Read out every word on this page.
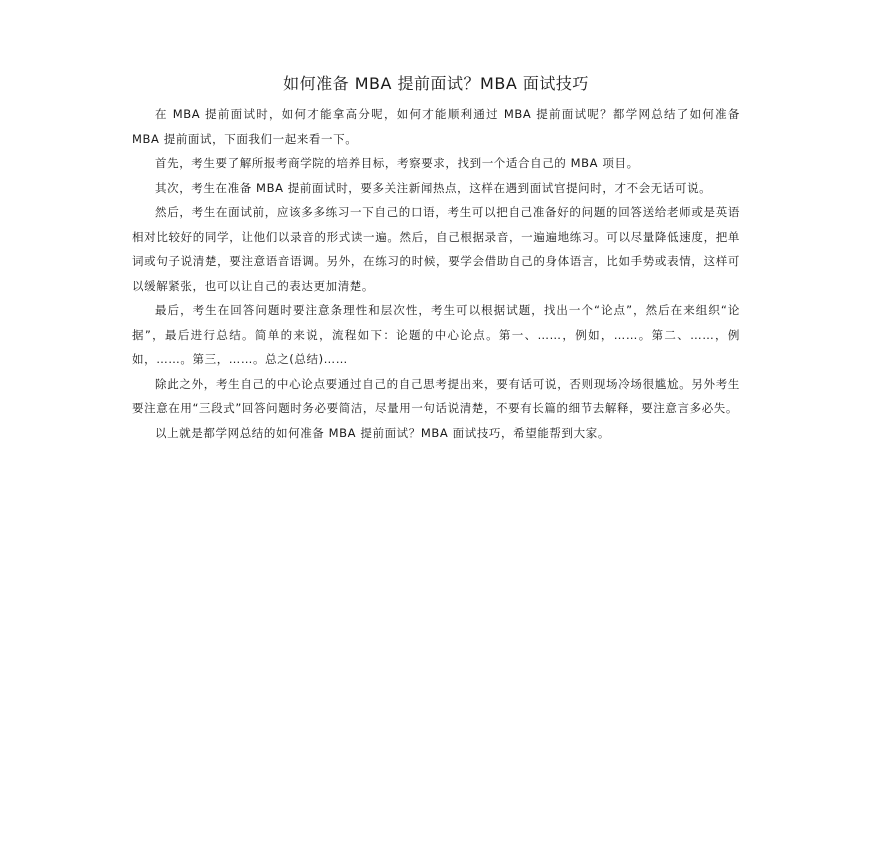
如何准备 MBA 提前面试？MBA 面试技巧

在 MBA 提前面试时，如何才能拿高分呢，如何才能顺利通过 MBA 提前面试呢？都学网总结了如何准备 MBA 提前面试，下面我们一起来看一下。

首先，考生要了解所报考商学院的培养目标，考察要求，找到一个适合自己的 MBA 项目。

其次，考生在准备 MBA 提前面试时，要多关注新闻热点，这样在遇到面试官提问时，才不会无话可说。

然后，考生在面试前，应该多多练习一下自己的口语，考生可以把自己准备好的问题的回答送给老师或是英语相对比较好的同学，让他们以录音的形式读一遍。然后，自己根据录音，一遍遍地练习。可以尽量降低速度，把单词或句子说清楚，要注意语音语调。另外，在练习的时候，要学会借助自己的身体语言，比如手势或表情，这样可以缓解紧张，也可以让自己的表达更加清楚。

最后，考生在回答问题时要注意条理性和层次性，考生可以根据试题，找出一个“论点”，然后在来组织“论据”，最后进行总结。简单的来说，流程如下：论题的中心论点。第一、……，例如，……。第二、……，例如，……。第三，……。总之(总结)……

除此之外，考生自己的中心论点要通过自己的自己思考提出来，要有话可说，否则现场冷场很尴尬。另外考生要注意在用“三段式”回答问题时务必要简洁，尽量用一句话说清楚，不要有长篇的细节去解释，要注意言多必失。

以上就是都学网总结的如何准备 MBA 提前面试？MBA 面试技巧，希望能帮到大家。
